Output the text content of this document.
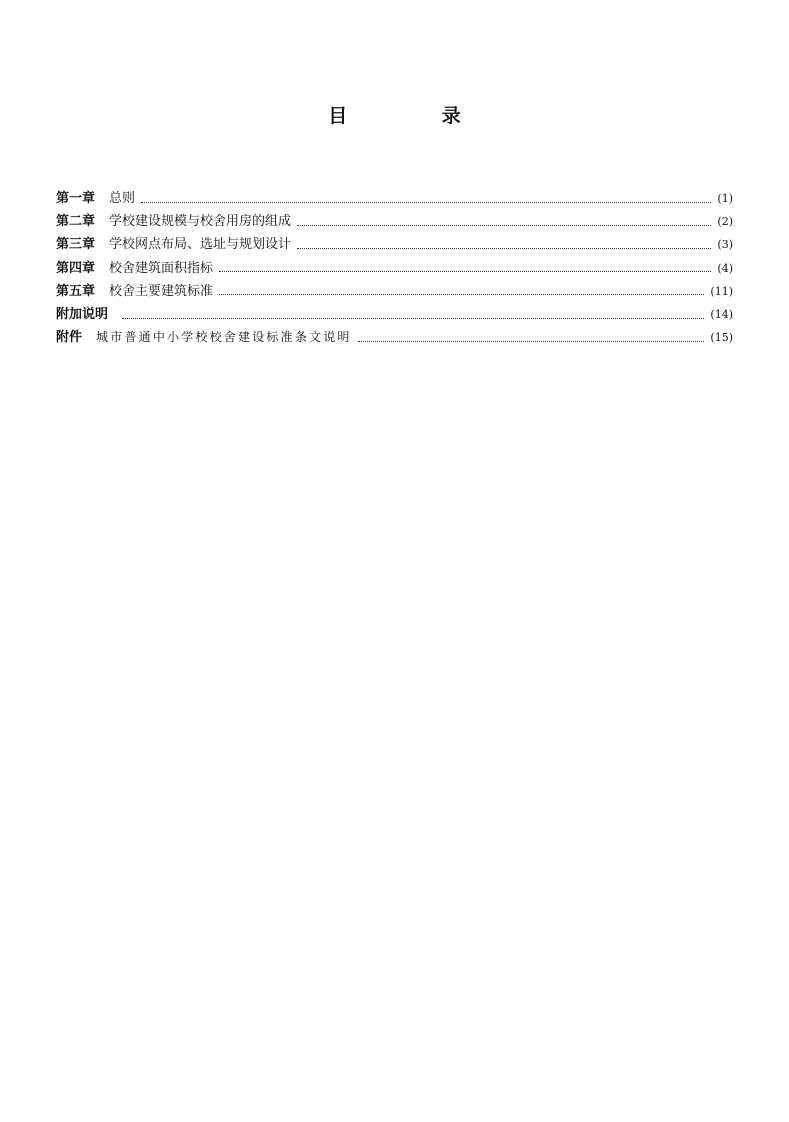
目 录
第一章 总则	(1)
第二章 学校建设规模与校舍用房的组成	(2)
第三章 学校网点布局、选址与规划设计	(3)
第四章 校舍建筑面积指标	(4)
第五章 校舍主要建筑标准	(11)
附加说明	(14)
附件 城市普通中小学校校舍建设标准条文说明	(15)
